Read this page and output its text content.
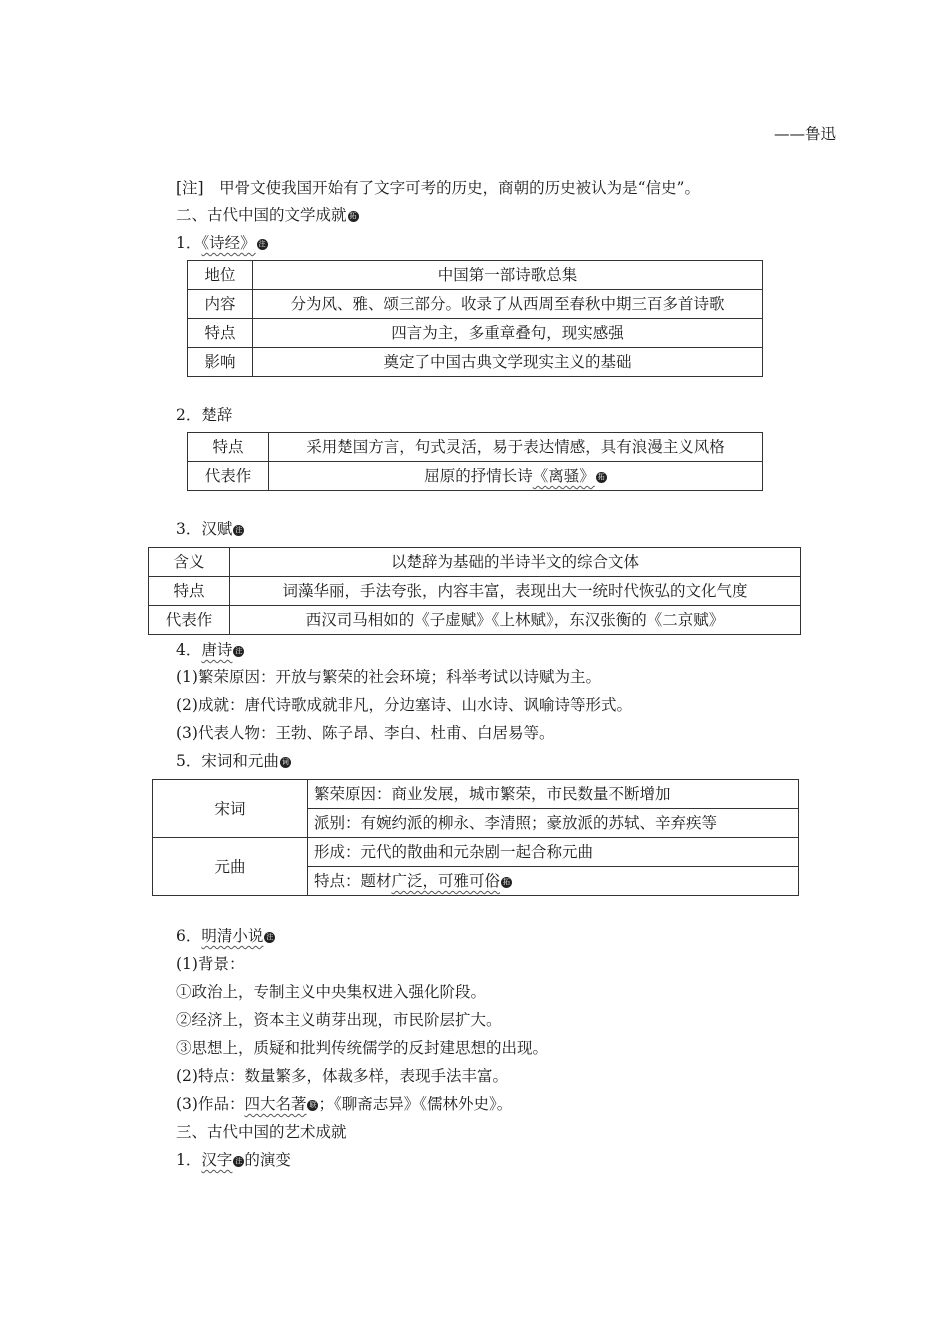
——鲁迅
[注]　甲骨文使我国开始有了文字可考的历史，商朝的历史被认为是“信史”。
二、古代中国的文学成就 拓
1．《诗经》 注
地位	中国第一部诗歌总集
内容	分为风、雅、颂三部分。收录了从西周至春秋中期三百多首诗歌
特点	四言为主，多重章叠句，现实感强
影响	奠定了中国古典文学现实主义的基础
2．楚辞
特点	采用楚国方言，句式灵活，易于表达情感，具有浪漫主义风格
代表作	屈原的抒情长诗《离骚》 拓
3．汉赋 注
含义	以楚辞为基础的半诗半文的综合文体
特点	词藻华丽，手法夸张，内容丰富，表现出大一统时代恢弘的文化气度
代表作	西汉司马相如的《子虚赋》《上林赋》，东汉张衡的《二京赋》
4．唐诗 注
(1)繁荣原因：开放与繁荣的社会环境；科举考试以诗赋为主。
(2)成就：唐代诗歌成就非凡，分边塞诗、山水诗、讽喻诗等形式。
(3)代表人物：王勃、陈子昂、李白、杜甫、白居易等。
5．宋词和元曲 词
宋词	繁荣原因：商业发展，城市繁荣，市民数量不断增加
	派别：有婉约派的柳永、李清照；豪放派的苏轼、辛弃疾等
元曲	形成：元代的散曲和元杂剧一起合称元曲
	特点：题材广泛，可雅可俗 拓
6．明清小说 注
(1)背景：
①政治上，专制主义中央集权进入强化阶段。
②经济上，资本主义萌芽出现，市民阶层扩大。
③思想上，质疑和批判传统儒学的反封建思想的出现。
(2)特点：数量繁多，体裁多样，表现手法丰富。
(3)作品：四大名著 联 ；《聊斋志异》《儒林外史》。
三、古代中国的艺术成就
1．汉字 注 的演变
